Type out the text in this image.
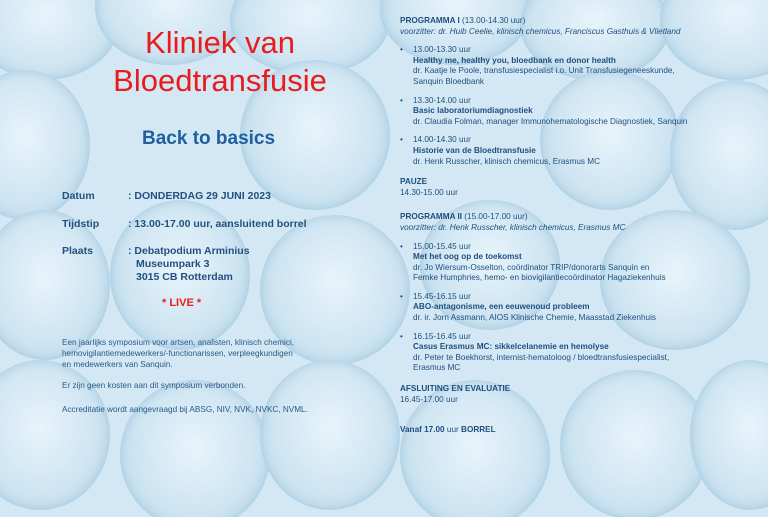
Kliniek van
Bloedtransfusie
Back to basics
Datum	: DONDERDAG 29 JUNI 2023
Tijdstip	: 13.00-17.00 uur, aansluitend borrel
Plaats	: Debatpodium Arminius
Museumpark 3
3015 CB Rotterdam
* LIVE *
Een jaarlijks symposium voor artsen, analisten, klinisch chemici,
hemovigilantiemedewerkers/-functionarissen, verpleegkundigen
en medewerkers van Sanquin.
Er zijn geen kosten aan dit symposium verbonden.
Accreditatie wordt aangevraagd bij ABSG, NIV, NVK, NVKC, NVML.
PROGRAMMA I (13.00-14.30 uur)
voorzitter: dr. Huib Ceelie, klinisch chemicus, Franciscus Gasthuis & Vlietland
• 13.00-13.30 uur
Healthy me, healthy you, bloedbank en donor health
dr. Kaatje le Poole, transfusiespecialist i.o. Unit Transfusiegeneeskunde,
Sanquin Bloedbank
• 13.30-14.00 uur
Basic laboratoriumdiagnostiek
dr. Claudia Folman, manager Immunohematologische Diagnostiek, Sanquin
• 14.00-14.30 uur
Historie van de Bloedtransfusie
dr. Henk Russcher, klinisch chemicus, Erasmus MC
PAUZE
14.30-15.00 uur
PROGRAMMA II (15.00-17.00 uur)
voorzitter: dr. Henk Russcher, klinisch chemicus, Erasmus MC
• 15.00-15.45 uur
Met het oog op de toekomst
dr. Jo Wiersum-Osselton, coördinator TRIP/donorarts Sanquin en
Femke Humphries, hemo- en biovigilantiecoördinator Hagaziekenhuis
• 15.45-16.15 uur
ABO-antagonisme, een eeuwenoud probleem
dr. ir. Jorn Assmann, AIOS Klinische Chemie, Maasstad Ziekenhuis
• 16.15-16.45 uur
Casus Erasmus MC: sikkelcelanemie en hemolyse
dr. Peter te Boekhorst, internist-hematoloog / bloedtransfusiespecialist,
Erasmus MC
AFSLUITING EN EVALUATIE
16.45-17.00 uur
Vanaf 17.00 uur BORREL
